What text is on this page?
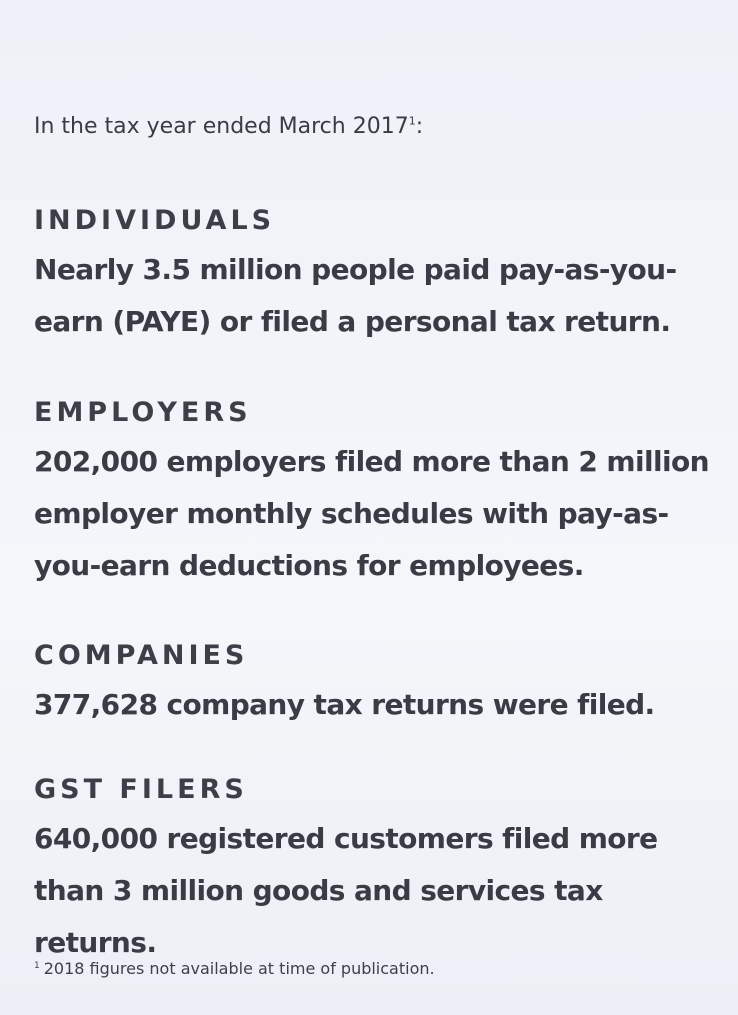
In the tax year ended March 2017$^1$:
INDIVIDUALS
Nearly 3.5 million people paid pay-as-you-earn (PAYE) or filed a personal tax return.
EMPLOYERS
202,000 employers filed more than 2 million employer monthly schedules with pay-as-you-earn deductions for employees.
COMPANIES
377,628 company tax returns were filed.
GST FILERS
640,000 registered customers filed more than 3 million goods and services tax returns.
$^1$ 2018 figures not available at time of publication.
